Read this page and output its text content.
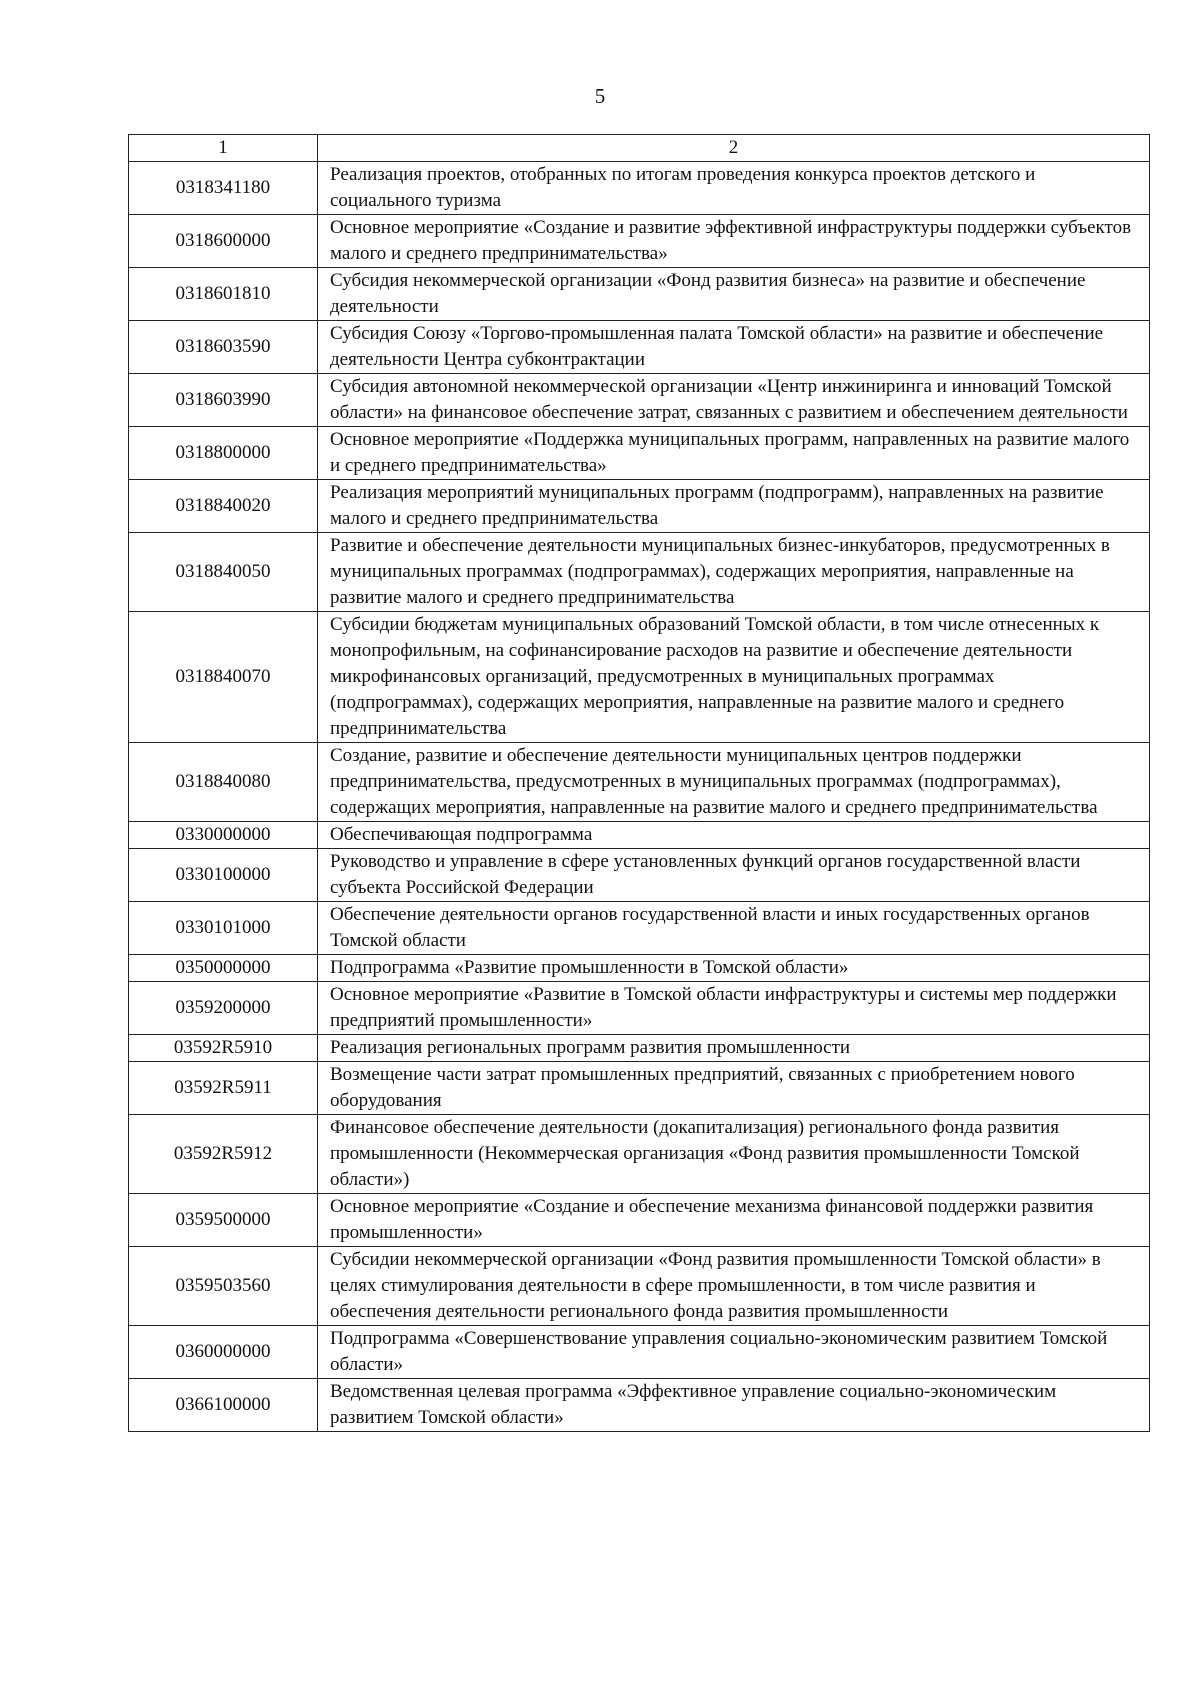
5
1	2
0318341180	Реализация проектов, отобранных по итогам проведения конкурса проектов детского и социального туризма
0318600000	Основное мероприятие «Создание и развитие эффективной инфраструктуры поддержки субъектов малого и среднего предпринимательства»
0318601810	Субсидия некоммерческой организации «Фонд развития бизнеса» на развитие и обеспечение деятельности
0318603590	Субсидия Союзу «Торгово-промышленная палата Томской области» на развитие и обеспечение деятельности Центра субконтрактации
0318603990	Субсидия автономной некоммерческой организации «Центр инжиниринга и инноваций Томской области» на финансовое обеспечение затрат, связанных с развитием и обеспечением деятельности
0318800000	Основное мероприятие «Поддержка муниципальных программ, направленных на развитие малого и среднего предпринимательства»
0318840020	Реализация мероприятий муниципальных программ (подпрограмм), направленных на развитие малого и среднего предпринимательства
0318840050	Развитие и обеспечение деятельности муниципальных бизнес-инкубаторов, предусмотренных в муниципальных программах (подпрограммах), содержащих мероприятия, направленные на развитие малого и среднего предпринимательства
0318840070	Субсидии бюджетам муниципальных образований Томской области, в том числе отнесенных к монопрофильным, на софинансирование расходов на развитие и обеспечение деятельности микрофинансовых организаций, предусмотренных в муниципальных программах (подпрограммах), содержащих мероприятия, направленные на развитие малого и среднего предпринимательства
0318840080	Создание, развитие и обеспечение деятельности муниципальных центров поддержки предпринимательства, предусмотренных в муниципальных программах (подпрограммах), содержащих мероприятия, направленные на развитие малого и среднего предпринимательства
0330000000	Обеспечивающая подпрограмма
0330100000	Руководство и управление в сфере установленных функций органов государственной власти субъекта Российской Федерации
0330101000	Обеспечение деятельности органов государственной власти и иных государственных органов Томской области
0350000000	Подпрограмма «Развитие промышленности в Томской области»
0359200000	Основное мероприятие «Развитие в Томской области инфраструктуры и системы мер поддержки предприятий промышленности»
03592R5910	Реализация региональных программ развития промышленности
03592R5911	Возмещение части затрат промышленных предприятий, связанных с приобретением нового оборудования
03592R5912	Финансовое обеспечение деятельности (докапитализация) регионального фонда развития промышленности (Некоммерческая организация «Фонд развития промышленности Томской области»)
0359500000	Основное мероприятие «Создание и обеспечение механизма финансовой поддержки развития промышленности»
0359503560	Субсидии некоммерческой организации «Фонд развития промышленности Томской области» в целях стимулирования деятельности в сфере промышленности, в том числе развития и обеспечения деятельности регионального фонда развития промышленности
0360000000	Подпрограмма «Совершенствование управления социально-экономическим развитием Томской области»
0366100000	Ведомственная целевая программа «Эффективное управление социально-экономическим развитием Томской области»
